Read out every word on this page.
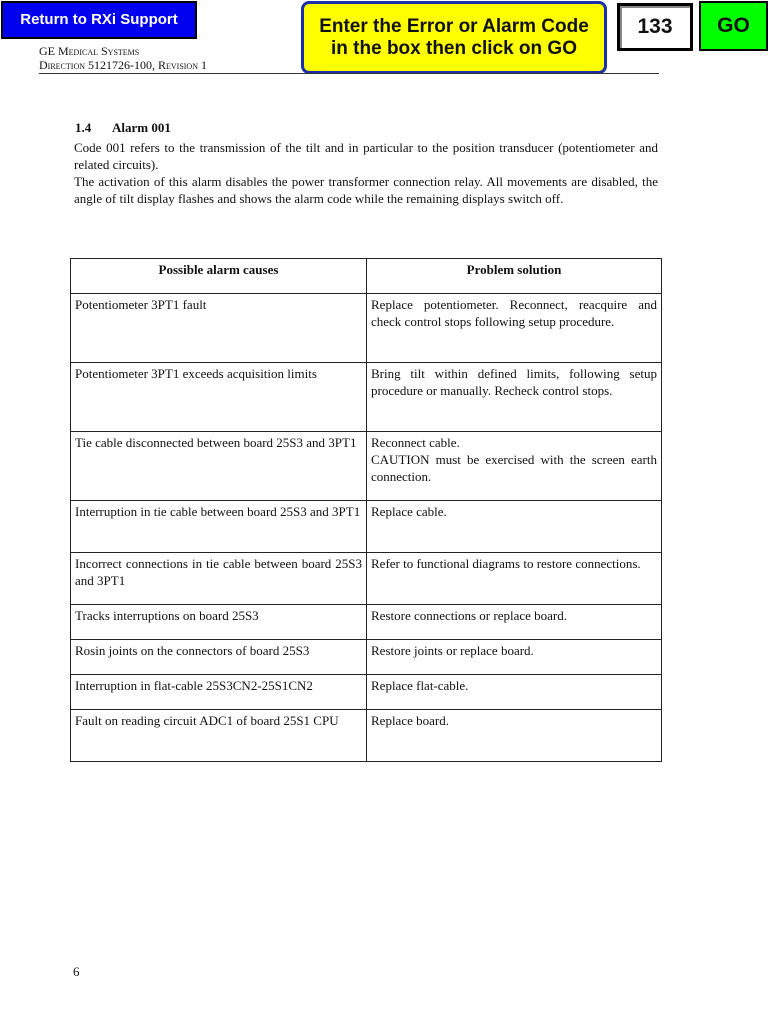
Return to RXi Support	Enter the Error or Alarm Code
in the box then click on GO
133
GO
GE Medical Systems
Direction 5121726-100, Revision 1
1.4 Alarm 001

Code 001 refers to the transmission of the tilt and in particular to the position transducer (potentiometer and related circuits).

The activation of this alarm disables the power transformer connection relay. All movements are disabled, the angle of tilt display flashes and shows the alarm code while the remaining displays switch off.

Possible alarm causes	Problem solution
Potentiometer 3PT1 fault	Replace potentiometer. Reconnect, reacquire and check control stops following setup procedure.
Potentiometer 3PT1 exceeds acquisition limits	Bring tilt within defined limits, following setup procedure or manually. Recheck control stops.
Tie cable disconnected between board 25S3 and 3PT1	Reconnect cable.
CAUTION must be exercised with the screen earth connection.

Interruption in tie cable between board 25S3 and 3PT1	Replace cable.
Incorrect connections in tie cable between board 25S3 and 3PT1	Refer to functional diagrams to restore connections.
Tracks interruptions on board 25S3	Restore connections or replace board.
Rosin joints on the connectors of board 25S3	Restore joints or replace board.
Interruption in flat-cable 25S3CN2-25S1CN2	Replace flat-cable.
Fault on reading circuit ADC1 of board 25S1 CPU	Replace board.
6
